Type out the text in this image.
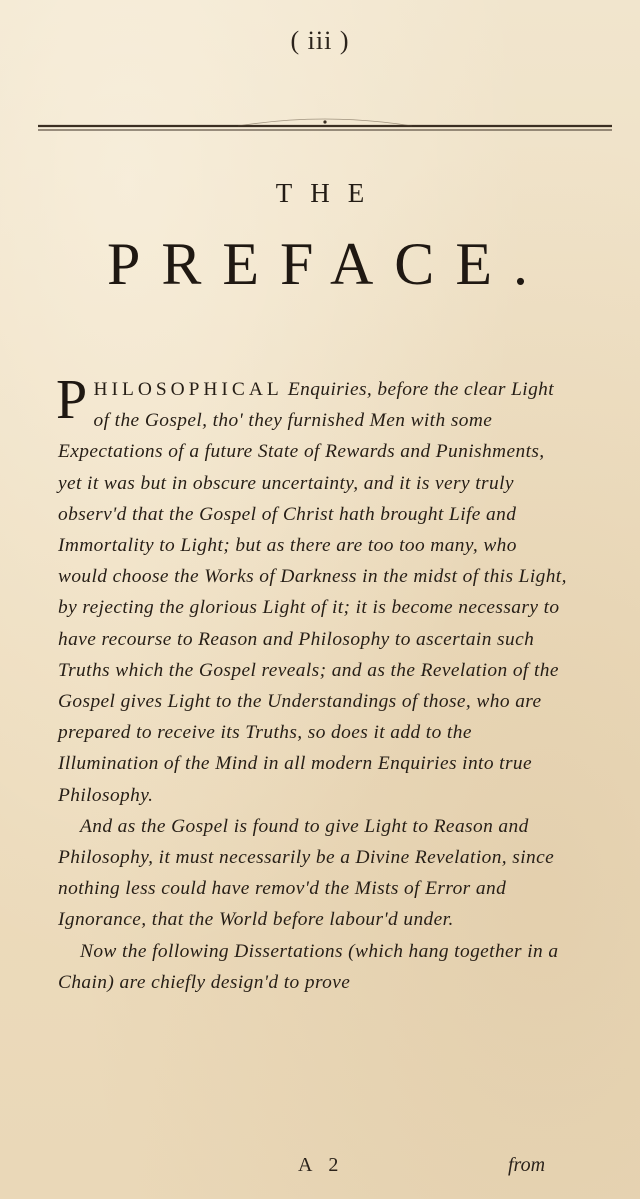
( iii )
THE
PREFACE.

PHILOSOPHICAL Enquiries, before the clear Light of the Gospel, tho' they furnished Men with some Expectations of a future State of Rewards and Punishments, yet it was but in obscure uncertainty, and it is very truly observ'd that the Gospel of Christ hath brought Life and Immortality to Light; but as there are too too many, who would choose the Works of Darkness in the midst of this Light, by rejecting the glorious Light of it; it is become necessary to have recourse to Reason and Philosophy to ascertain such Truths which the Gospel reveals; and as the Revelation of the Gospel gives Light to the Understandings of those, who are prepared to receive its Truths, so does it add to the Illumination of the Mind in all modern Enquiries into true Philosophy.

And as the Gospel is found to give Light to Reason and Philosophy, it must necessarily be a Divine Revelation, since nothing less could have remov'd the Mists of Error and Ignorance, that the World before labour'd under.

Now the following Dissertations (which hang together in a Chain) are chiefly design'd to prove

A 2	from
